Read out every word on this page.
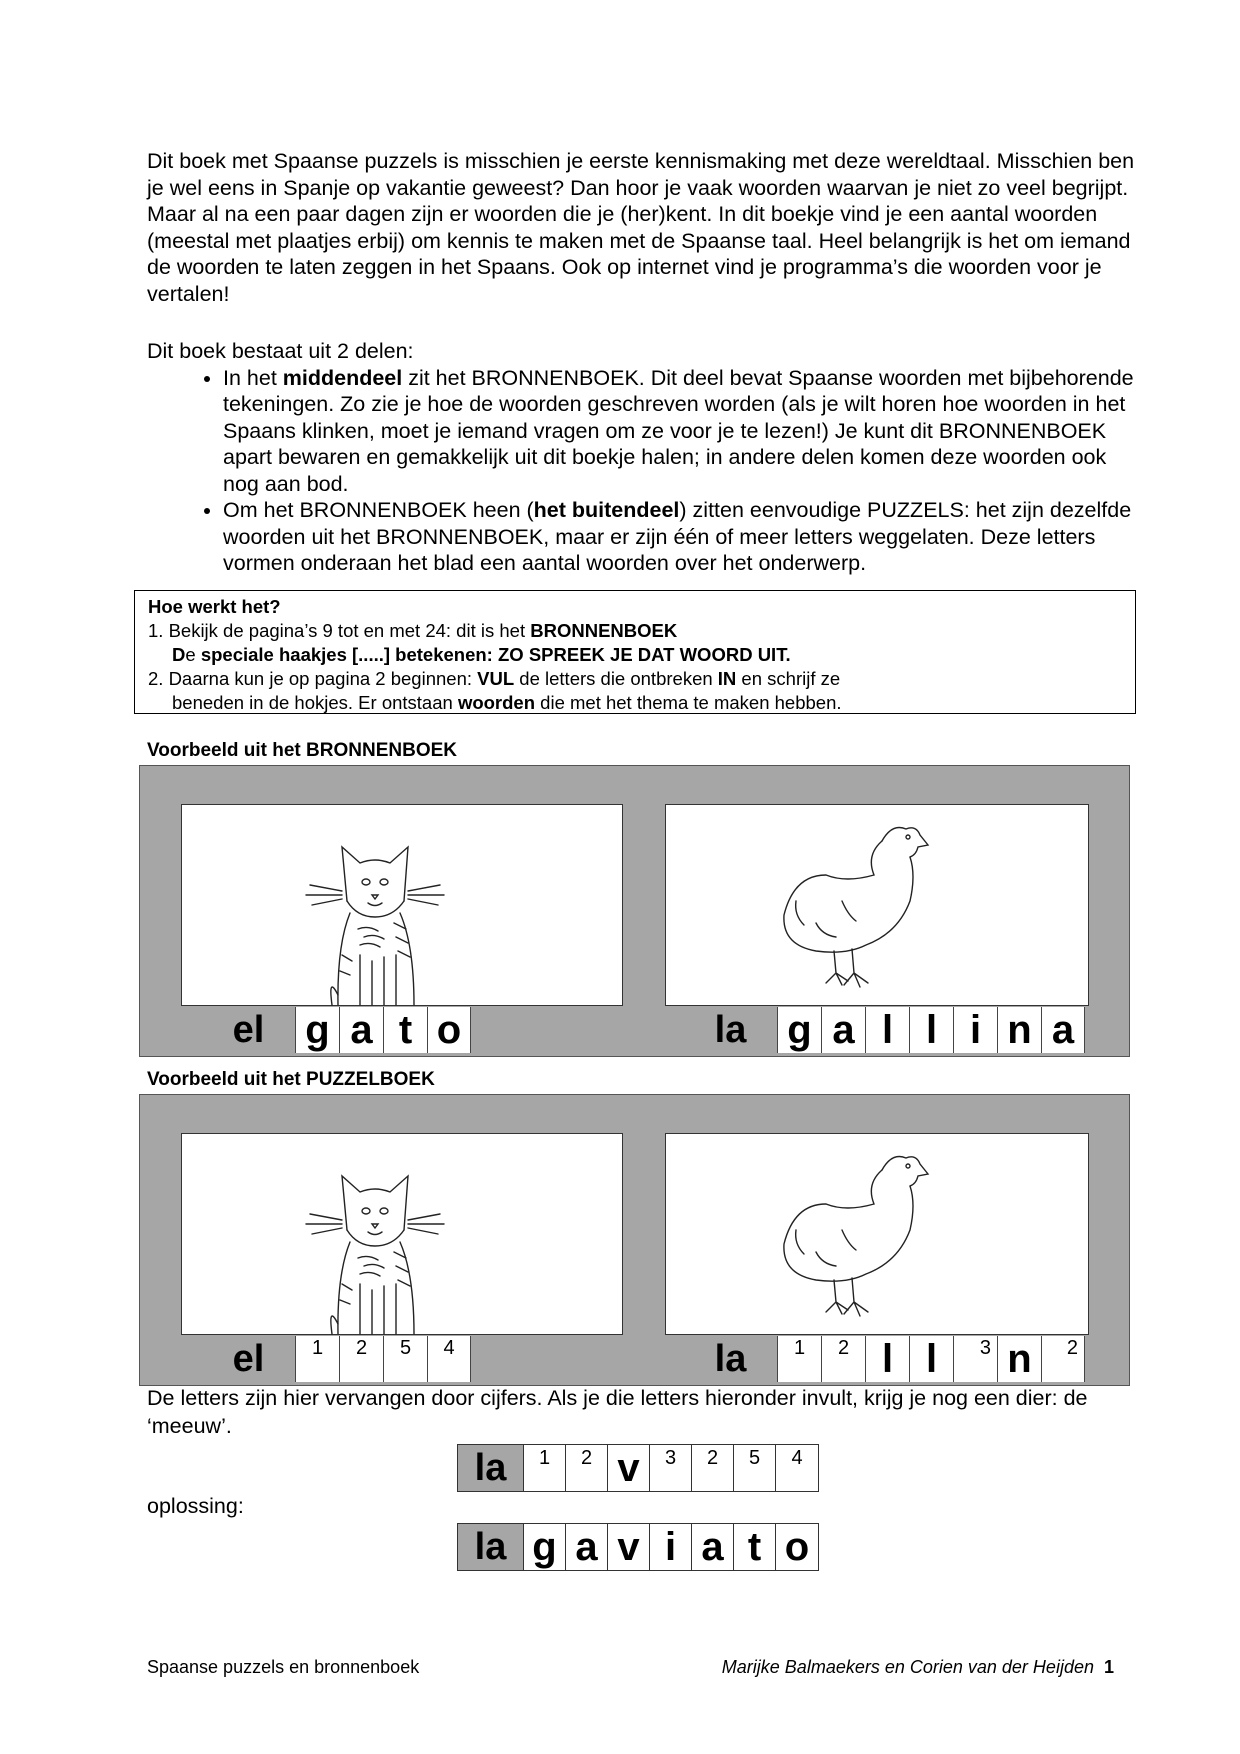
Dit boek met Spaanse puzzels is misschien je eerste kennismaking met deze wereldtaal. Misschien ben je wel eens in Spanje op vakantie geweest? Dan hoor je vaak woorden waarvan je niet zo veel begrijpt. Maar al na een paar dagen zijn er woorden die je (her)kent. In dit boekje vind je een aantal woorden (meestal met plaatjes erbij) om kennis te maken met de Spaanse taal. Heel belangrijk is het om iemand de woorden te laten zeggen in het Spaans. Ook op internet vind je programma’s die woorden voor je vertalen!

Dit boek bestaat uit 2 delen:

• In het middendeel zit het BRONNENBOEK. Dit deel bevat Spaanse woorden met bijbehorende tekeningen. Zo zie je hoe de woorden geschreven worden (als je wilt horen hoe woorden in het Spaans klinken, moet je iemand vragen om ze voor je te lezen!) Je kunt dit BRONNENBOEK apart bewaren en gemakkelijk uit dit boekje halen; in andere delen komen deze woorden ook nog aan bod.
• Om het BRONNENBOEK heen (het buitendeel) zitten eenvoudige PUZZELS: het zijn dezelfde woorden uit het BRONNENBOEK, maar er zijn één of meer letters weggelaten. Deze letters vormen onderaan het blad een aantal woorden over het onderwerp.
Hoe werkt het?
1. Bekijk de pagina’s 9 tot en met 24: dit is het BRONNENBOEK
De speciale haakjes [.....] betekenen: ZO SPREEK JE DAT WOORD UIT.
2. Daarna kun je op pagina 2 beginnen: VUL de letters die ontbreken IN en schrijf ze
beneden in de hokjes. Er ontstaan woorden die met het thema te maken hebben.
Voorbeeld uit het BRONNENBOEK
el	g a t o	la	g a l l i n a
Voorbeeld uit het PUZZELBOEK
el	1	2	5	4	la	1	2 l l	3 n	2
De letters zijn hier vervangen door cijfers. Als je die letters hieronder invult, krijg je nog een dier: de ‘meeuw’.
la	1	2 v	3	2	5	4
oplossing:
la g a v i a t o
Spaanse puzzels en bronnenboek	Marijke Balmaekers en Corien van der Heijden 1
